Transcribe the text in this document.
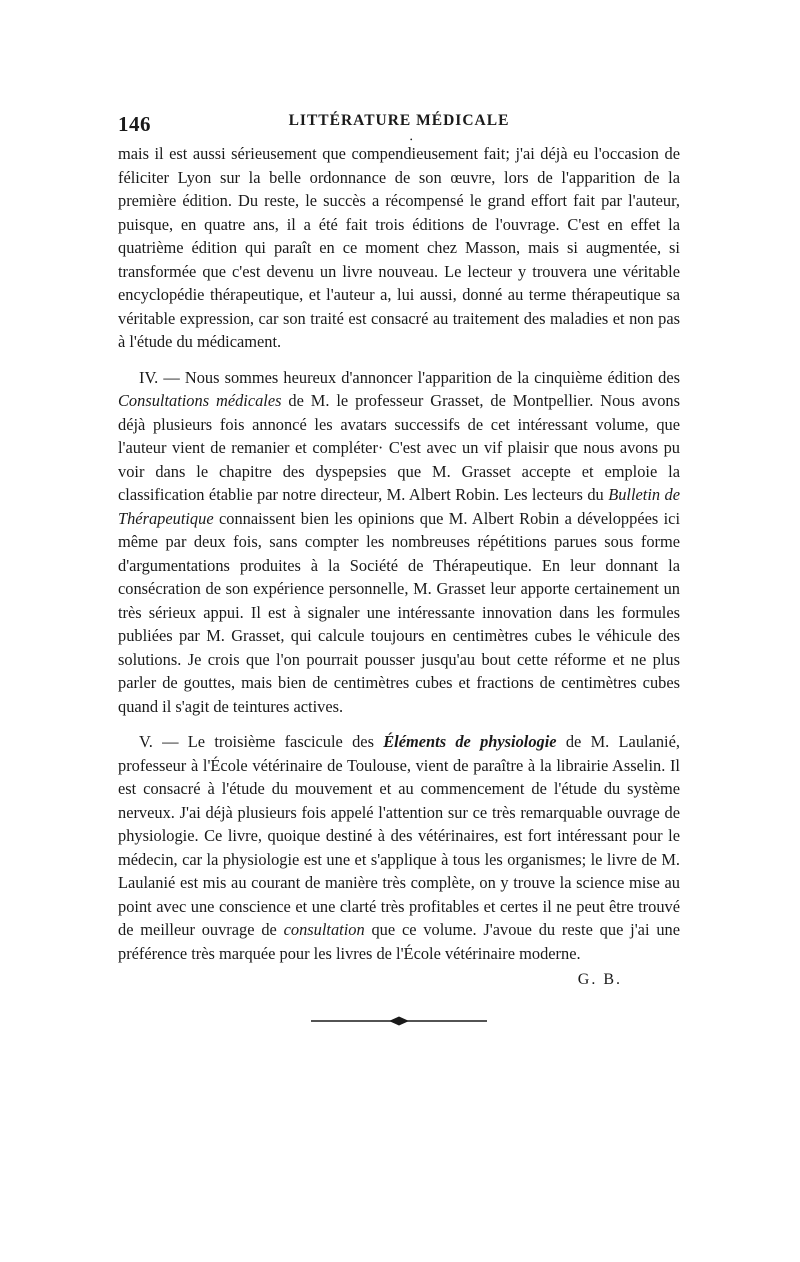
146	LITTÉRATURE MÉDICALE
•

mais il est aussi sérieusement que compendieusement fait; j'ai déjà eu l'occasion de féliciter Lyon sur la belle ordonnance de son œuvre, lors de l'apparition de la première édition. Du reste, le succès a récompensé le grand effort fait par l'auteur, puisque, en quatre ans, il a été fait trois éditions de l'ouvrage. C'est en effet la quatrième édition qui paraît en ce moment chez Masson, mais si augmentée, si transformée que c'est devenu un livre nouveau. Le lecteur y trouvera une véritable encyclopédie thérapeutique, et l'auteur a, lui aussi, donné au terme thérapeutique sa véritable expression, car son traité est consacré au traitement des maladies et non pas à l'étude du médicament.

IV. — Nous sommes heureux d'annoncer l'apparition de la cinquième édition des Consultations médicales de M. le professeur Grasset, de Montpellier. Nous avons déjà plusieurs fois annoncé les avatars successifs de cet intéressant volume, que l'auteur vient de remanier et compléter· C'est avec un vif plaisir que nous avons pu voir dans le chapitre des dyspepsies que M. Grasset accepte et emploie la classification établie par notre directeur, M. Albert Robin. Les lecteurs du Bulletin de Thérapeutique connaissent bien les opinions que M. Albert Robin a développées ici même par deux fois, sans compter les nombreuses répétitions parues sous forme d'argumentations produites à la Société de Thérapeutique. En leur donnant la consécration de son expérience personnelle, M. Grasset leur apporte certainement un très sérieux appui. Il est à signaler une intéressante innovation dans les formules publiées par M. Grasset, qui calcule toujours en centimètres cubes le véhicule des solutions. Je crois que l'on pourrait pousser jusqu'au bout cette réforme et ne plus parler de gouttes, mais bien de centimètres cubes et fractions de centimètres cubes quand il s'agit de teintures actives.

V. — Le troisième fascicule des Éléments de physiologie de M. Laulanié, professeur à l'École vétérinaire de Toulouse, vient de paraître à la librairie Asselin. Il est consacré à l'étude du mouvement et au commencement de l'étude du système nerveux. J'ai déjà plusieurs fois appelé l'attention sur ce très remarquable ouvrage de physiologie. Ce livre, quoique destiné à des vétérinaires, est fort intéressant pour le médecin, car la physiologie est une et s'applique à tous les organismes; le livre de M. Laulanié est mis au courant de manière très complète, on y trouve la science mise au point avec une conscience et une clarté très profitables et certes il ne peut être trouvé de meilleur ouvrage de consultation que ce volume. J'avoue du reste que j'ai une préférence très marquée pour les livres de l'École vétérinaire moderne.

G. B.
